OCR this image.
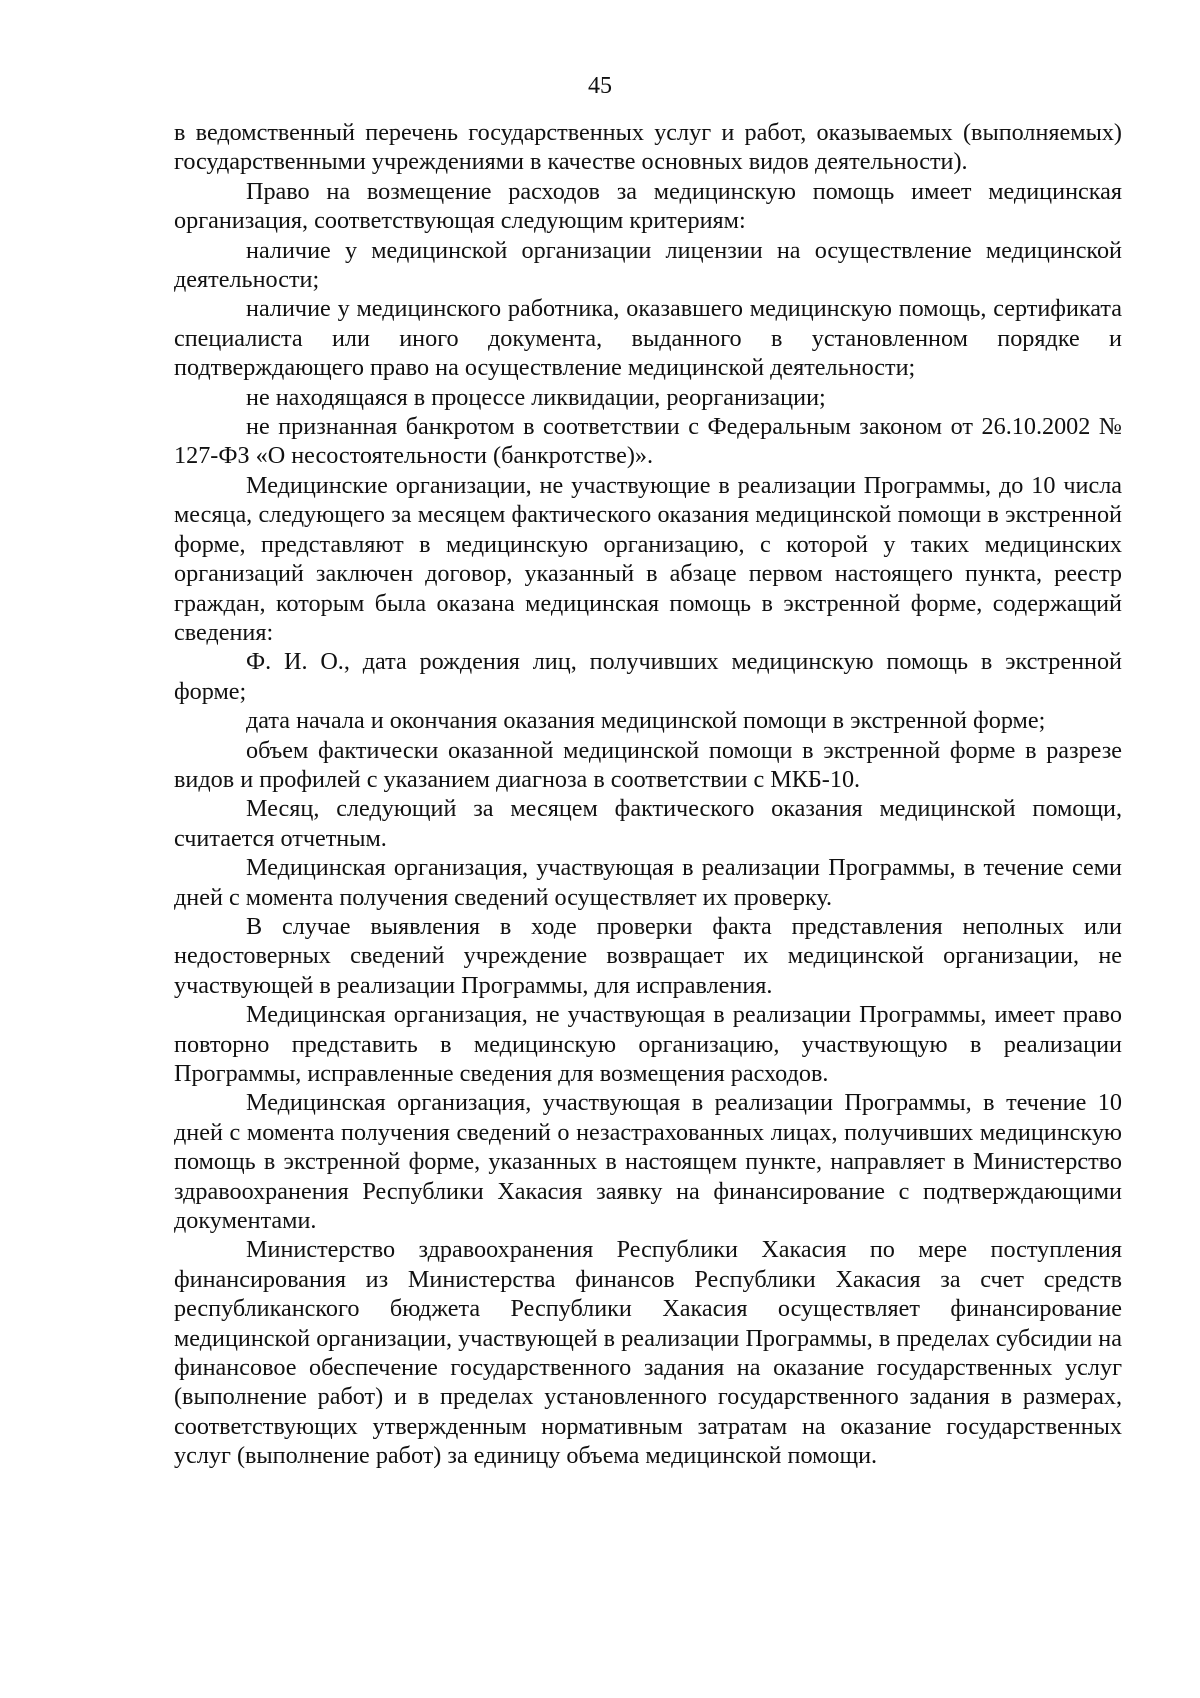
45

в ведомственный перечень государственных услуг и работ, оказываемых (выполняемых) государственными учреждениями в качестве основных видов деятельности).

Право на возмещение расходов за медицинскую помощь имеет медицинская организация, соответствующая следующим критериям:

наличие у медицинской организации лицензии на осуществление медицинской деятельности;

наличие у медицинского работника, оказавшего медицинскую помощь, сертификата специалиста или иного документа, выданного в установленном порядке и подтверждающего право на осуществление медицинской деятельности;

не находящаяся в процессе ликвидации, реорганизации;

не признанная банкротом в соответствии с Федеральным законом от 26.10.2002 № 127-ФЗ «О несостоятельности (банкротстве)».

Медицинские организации, не участвующие в реализации Программы, до 10 числа месяца, следующего за месяцем фактического оказания медицинской помощи в экстренной форме, представляют в медицинскую организацию, с которой у таких медицинских организаций заключен договор, указанный в абзаце первом настоящего пункта, реестр граждан, которым была оказана медицинская помощь в экстренной форме, содержащий сведения:

Ф. И. О., дата рождения лиц, получивших медицинскую помощь в экстренной форме;

дата начала и окончания оказания медицинской помощи в экстренной форме;

объем фактически оказанной медицинской помощи в экстренной форме в разрезе видов и профилей с указанием диагноза в соответствии с МКБ-10.

Месяц, следующий за месяцем фактического оказания медицинской помощи, считается отчетным.

Медицинская организация, участвующая в реализации Программы, в течение семи дней с момента получения сведений осуществляет их проверку.

В случае выявления в ходе проверки факта представления неполных или недостоверных сведений учреждение возвращает их медицинской организации, не участвующей в реализации Программы, для исправления.

Медицинская организация, не участвующая в реализации Программы, имеет право повторно представить в медицинскую организацию, участвующую в реализации Программы, исправленные сведения для возмещения расходов.

Медицинская организация, участвующая в реализации Программы, в течение 10 дней с момента получения сведений о незастрахованных лицах, получивших медицинскую помощь в экстренной форме, указанных в настоящем пункте, направляет в Министерство здравоохранения Республики Хакасия заявку на финансирование с подтверждающими документами.

Министерство здравоохранения Республики Хакасия по мере поступления финансирования из Министерства финансов Республики Хакасия за счет средств республиканского бюджета Республики Хакасия осуществляет финансирование медицинской организации, участвующей в реализации Программы, в пределах субсидии на финансовое обеспечение государственного задания на оказание государственных услуг (выполнение работ) и в пределах установленного государственного задания в размерах, соответствующих утвержденным нормативным затратам на оказание государственных услуг (выполнение работ) за единицу объема медицинской помощи.
